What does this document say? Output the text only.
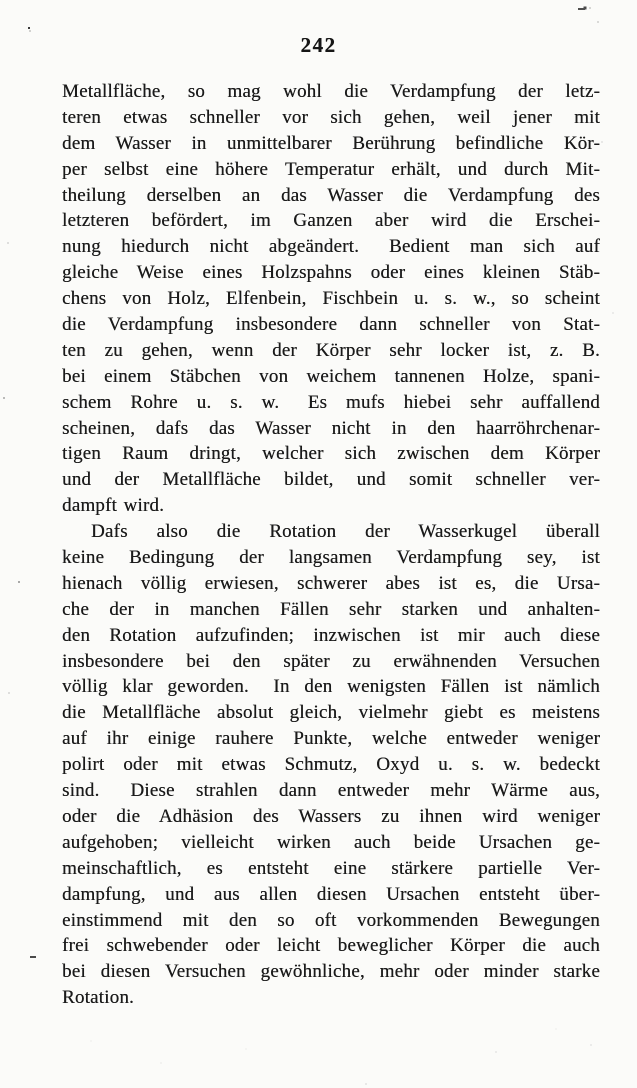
242
Metallfläche, so mag wohl die Verdampfung der letz-
teren etwas schneller vor sich gehen, weil jener mit
dem Wasser in unmittelbarer Berührung befindliche Kör-
per selbst eine höhere Temperatur erhält, und durch Mit-
theilung derselben an das Wasser die Verdampfung des
letzteren befördert, im Ganzen aber wird die Erschei-
nung hiedurch nicht abgeändert.  Bedient man sich auf
gleiche Weise eines Holzspahns oder eines kleinen Stäb-
chens von Holz, Elfenbein, Fischbein u. s. w., so scheint
die Verdampfung insbesondere dann schneller von Stat-
ten zu gehen, wenn der Körper sehr locker ist, z. B.
bei einem Stäbchen von weichem tannenen Holze, spani-
schem Rohre u. s. w.  Es mufs hiebei sehr auffallend
scheinen, dafs das Wasser nicht in den haarröhrchenar-
tigen Raum dringt, welcher sich zwischen dem Körper
und der Metallfläche bildet, und somit schneller ver-
dampft wird.
Dafs also die Rotation der Wasserkugel überall
keine Bedingung der langsamen Verdampfung sey, ist
hienach völlig erwiesen, schwerer abes ist es, die Ursa-
che der in manchen Fällen sehr starken und anhalten-
den Rotation aufzufinden; inzwischen ist mir auch diese
insbesondere bei den später zu erwähnenden Versuchen
völlig klar geworden.  In den wenigsten Fällen ist nämlich
die Metallfläche absolut gleich, vielmehr giebt es meistens
auf ihr einige rauhere Punkte, welche entweder weniger
polirt oder mit etwas Schmutz, Oxyd u. s. w. bedeckt
sind.  Diese strahlen dann entweder mehr Wärme aus,
oder die Adhäsion des Wassers zu ihnen wird weniger
aufgehoben; vielleicht wirken auch beide Ursachen ge-
meinschaftlich, es entsteht eine stärkere partielle Ver-
dampfung, und aus allen diesen Ursachen entsteht über-
einstimmend mit den so oft vorkommenden Bewegungen
frei schwebender oder leicht beweglicher Körper die auch
bei diesen Versuchen gewöhnliche, mehr oder minder starke
Rotation.
